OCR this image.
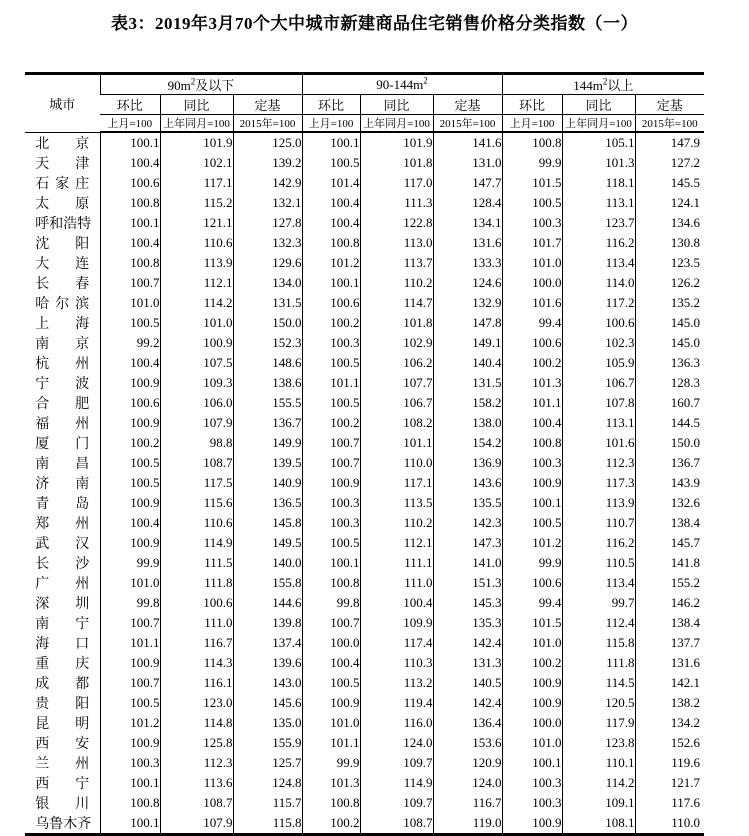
表3：2019年3月70个大中城市新建商品住宅销售价格分类指数（一）
城市	$90m^2$及以下			$90-144m^2$			$144m^2$以上		
	环比	同比	定基	环比	同比	定基	环比	同比	定基
	上月=100	上年同月=100	2015年=100	上月=100	上年同月=100	2015年=100	上月=100	上年同月=100	2015年=100

北京	100.1	101.9	125.0	100.1	101.9	141.6	100.8	105.1	147.9

天津	100.4	102.1	139.2	100.5	101.8	131.0	99.9	101.3	127.2

石家庄	100.6	117.1	142.9	101.4	117.0	147.7	101.5	118.1	145.5

太原	100.8	115.2	132.1	100.4	111.3	128.4	100.5	113.1	124.1

呼和浩特	100.1	121.1	127.8	100.4	122.8	134.1	100.3	123.7	134.6

沈阳	100.4	110.6	132.3	100.8	113.0	131.6	101.7	116.2	130.8

大连	100.8	113.9	129.6	101.2	113.7	133.3	101.0	113.4	123.5

长春	100.7	112.1	134.0	100.1	110.2	124.6	100.0	114.0	126.2

哈尔滨	101.0	114.2	131.5	100.6	114.7	132.9	101.6	117.2	135.2

上海	100.5	101.0	150.0	100.2	101.8	147.8	99.4	100.6	145.0

南京	99.2	100.9	152.3	100.3	102.9	149.1	100.6	102.3	145.0

杭州	100.4	107.5	148.6	100.5	106.2	140.4	100.2	105.9	136.3

宁波	100.9	109.3	138.6	101.1	107.7	131.5	101.3	106.7	128.3

合肥	100.6	106.0	155.5	100.5	106.7	158.2	101.1	107.8	160.7

福州	100.9	107.9	136.7	100.2	108.2	138.0	100.4	113.1	144.5

厦门	100.2	98.8	149.9	100.7	101.1	154.2	100.8	101.6	150.0

南昌	100.5	108.7	139.5	100.7	110.0	136.9	100.3	112.3	136.7

济南	100.5	117.5	140.9	100.9	117.1	143.6	100.9	117.3	143.9

青岛	100.9	115.6	136.5	100.3	113.5	135.5	100.1	113.9	132.6

郑州	100.4	110.6	145.8	100.3	110.2	142.3	100.5	110.7	138.4

武汉	100.9	114.9	149.5	100.5	112.1	147.3	101.2	116.2	145.7

长沙	99.9	111.5	140.0	100.1	111.1	141.0	99.9	110.5	141.8

广州	101.0	111.8	155.8	100.8	111.0	151.3	100.6	113.4	155.2

深圳	99.8	100.6	144.6	99.8	100.4	145.3	99.4	99.7	146.2

南宁	100.7	111.0	139.8	100.7	109.9	135.3	101.5	112.4	138.4

海口	101.1	116.7	137.4	100.0	117.4	142.4	101.0	115.8	137.7

重庆	100.9	114.3	139.6	100.4	110.3	131.3	100.2	111.8	131.6

成都	100.7	116.1	143.0	100.5	113.2	140.5	100.9	114.5	142.1

贵阳	100.5	123.0	145.6	100.9	119.4	142.4	100.9	120.5	138.2

昆明	101.2	114.8	135.0	101.0	116.0	136.4	100.0	117.9	134.2

西安	100.9	125.8	155.9	101.1	124.0	153.6	101.0	123.8	152.6

兰州	100.3	112.3	125.7	99.9	109.7	120.9	100.1	110.1	119.6

西宁	100.1	113.6	124.8	101.3	114.9	124.0	100.3	114.2	121.7

银川	100.8	108.7	115.7	100.8	109.7	116.7	100.3	109.1	117.6

乌鲁木齐	100.1	107.9	115.8	100.2	108.7	119.0	100.9	108.1	110.0
